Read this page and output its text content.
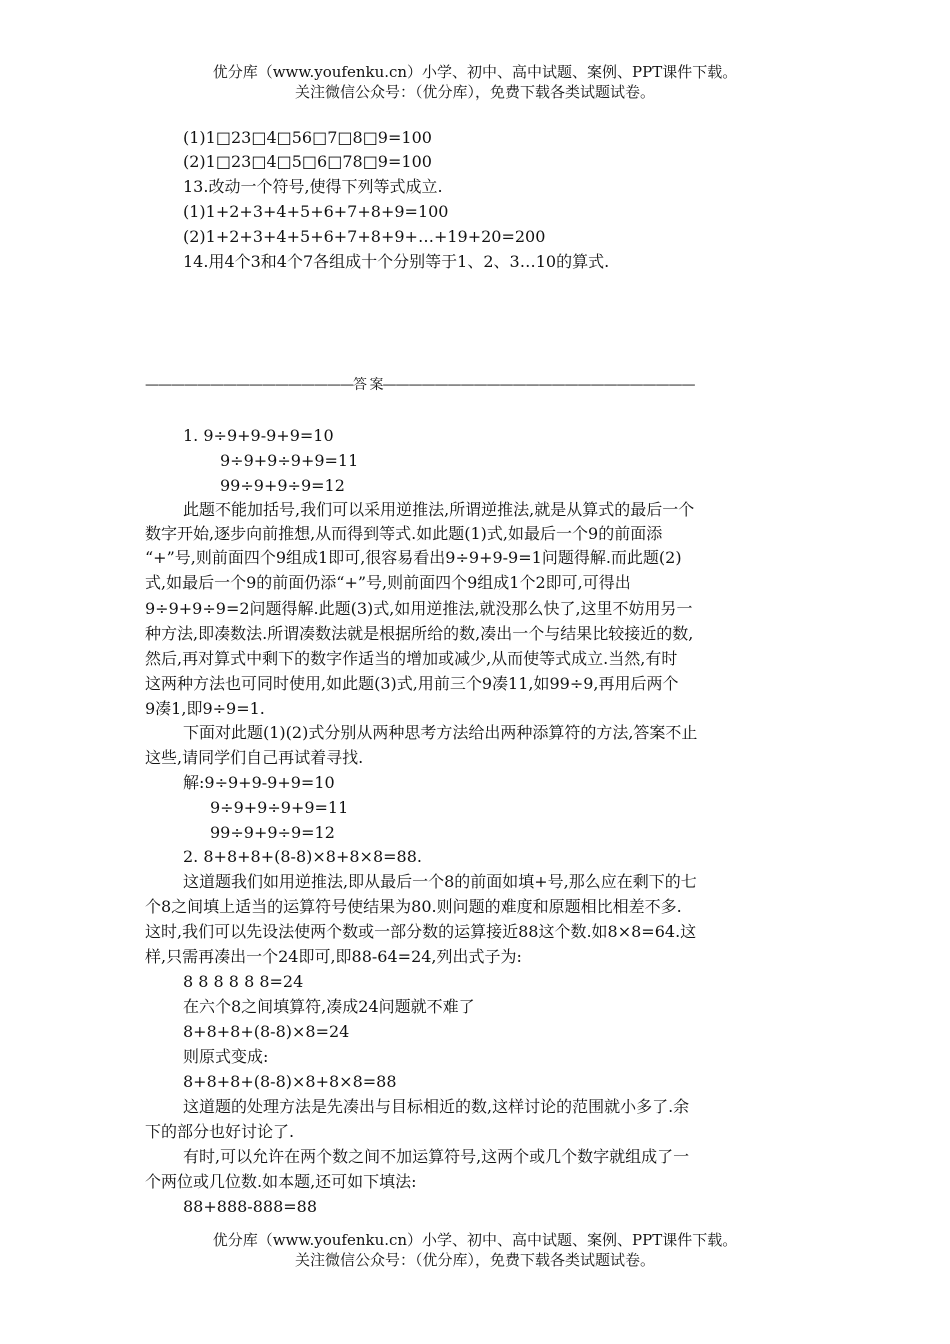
优分库（www.youfenku.cn）小学、初中、高中试题、案例、PPT课件下载。
关注微信公众号：（优分库），免费下载各类试题试卷。
(1)1□23□4□56□7□8□9=100
(2)1□23□4□5□6□78□9=100
13.改动一个符号,使得下列等式成立.
(1)1+2+3+4+5+6+7+8+9=100
(2)1+2+3+4+5+6+7+8+9+…+19+20=200
14.用4个3和4个7各组成十个分别等于1、2、3…10的算式.
————————————————答 案————————————————————————
1. 9÷9+9-9+9=10
9÷9+9÷9+9=11
99÷9+9÷9=12
此题不能加括号,我们可以采用逆推法,所谓逆推法,就是从算式的最后一个
数字开始,逐步向前推想,从而得到等式.如此题(1)式,如最后一个9的前面添
“+”号,则前面四个9组成1即可,很容易看出9÷9+9-9=1问题得解.而此题(2)
式,如最后一个9的前面仍添“+”号,则前面四个9组成1个2即可,可得出
9÷9+9÷9=2问题得解.此题(3)式,如用逆推法,就没那么快了,这里不妨用另一
种方法,即凑数法.所谓凑数法就是根据所给的数,凑出一个与结果比较接近的数,
然后,再对算式中剩下的数字作适当的增加或减少,从而使等式成立.当然,有时
这两种方法也可同时使用,如此题(3)式,用前三个9凑11,如99÷9,再用后两个
9凑1,即9÷9=1.
下面对此题(1)(2)式分别从两种思考方法给出两种添算符的方法,答案不止
这些,请同学们自己再试着寻找.
解:9÷9+9-9+9=10
9÷9+9÷9+9=11
99÷9+9÷9=12
2. 8+8+8+(8-8)×8+8×8=88.
这道题我们如用逆推法,即从最后一个8的前面如填+号,那么应在剩下的七
个8之间填上适当的运算符号使结果为80.则问题的难度和原题相比相差不多.
这时,我们可以先设法使两个数或一部分数的运算接近88这个数.如8×8=64.这
样,只需再凑出一个24即可,即88-64=24,列出式子为:
8 8 8 8 8 8=24
在六个8之间填算符,凑成24问题就不难了
8+8+8+(8-8)×8=24
则原式变成:
8+8+8+(8-8)×8+8×8=88
这道题的处理方法是先凑出与目标相近的数,这样讨论的范围就小多了.余
下的部分也好讨论了.
有时,可以允许在两个数之间不加运算符号,这两个或几个数字就组成了一
个两位或几位数.如本题,还可如下填法:
88+888-888=88
优分库（www.youfenku.cn）小学、初中、高中试题、案例、PPT课件下载。
关注微信公众号：（优分库），免费下载各类试题试卷。
